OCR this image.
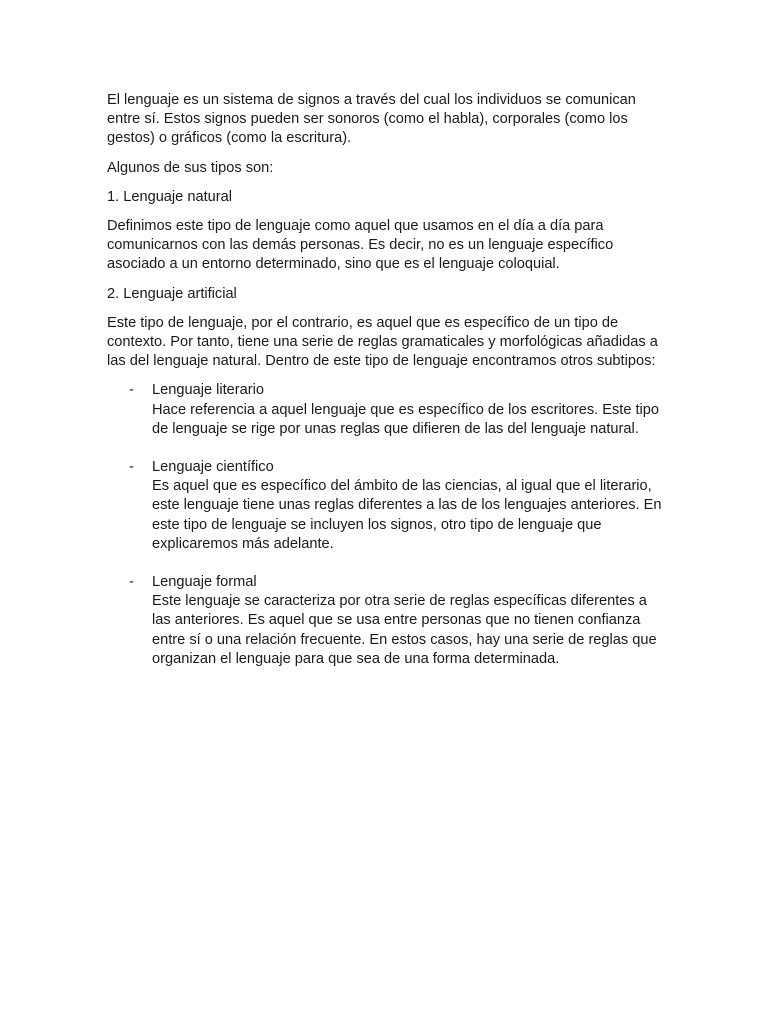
El lenguaje es un sistema de signos a través del cual los individuos se comunican entre sí. Estos signos pueden ser sonoros (como el habla), corporales (como los gestos) o gráficos (como la escritura).

Algunos de sus tipos son:

1. Lenguaje natural

Definimos este tipo de lenguaje como aquel que usamos en el día a día para comunicarnos con las demás personas. Es decir, no es un lenguaje específico asociado a un entorno determinado, sino que es el lenguaje coloquial.

2. Lenguaje artificial

Este tipo de lenguaje, por el contrario, es aquel que es específico de un tipo de contexto. Por tanto, tiene una serie de reglas gramaticales y morfológicas añadidas a las del lenguaje natural. Dentro de este tipo de lenguaje encontramos otros subtipos:

- Lenguaje literario
Hace referencia a aquel lenguaje que es específico de los escritores. Este tipo de lenguaje se rige por unas reglas que difieren de las del lenguaje natural.
- Lenguaje científico
Es aquel que es específico del ámbito de las ciencias, al igual que el literario, este lenguaje tiene unas reglas diferentes a las de los lenguajes anteriores. En este tipo de lenguaje se incluyen los signos, otro tipo de lenguaje que explicaremos más adelante.
- Lenguaje formal
Este lenguaje se caracteriza por otra serie de reglas específicas diferentes a las anteriores. Es aquel que se usa entre personas que no tienen confianza entre sí o una relación frecuente. En estos casos, hay una serie de reglas que organizan el lenguaje para que sea de una forma determinada.
